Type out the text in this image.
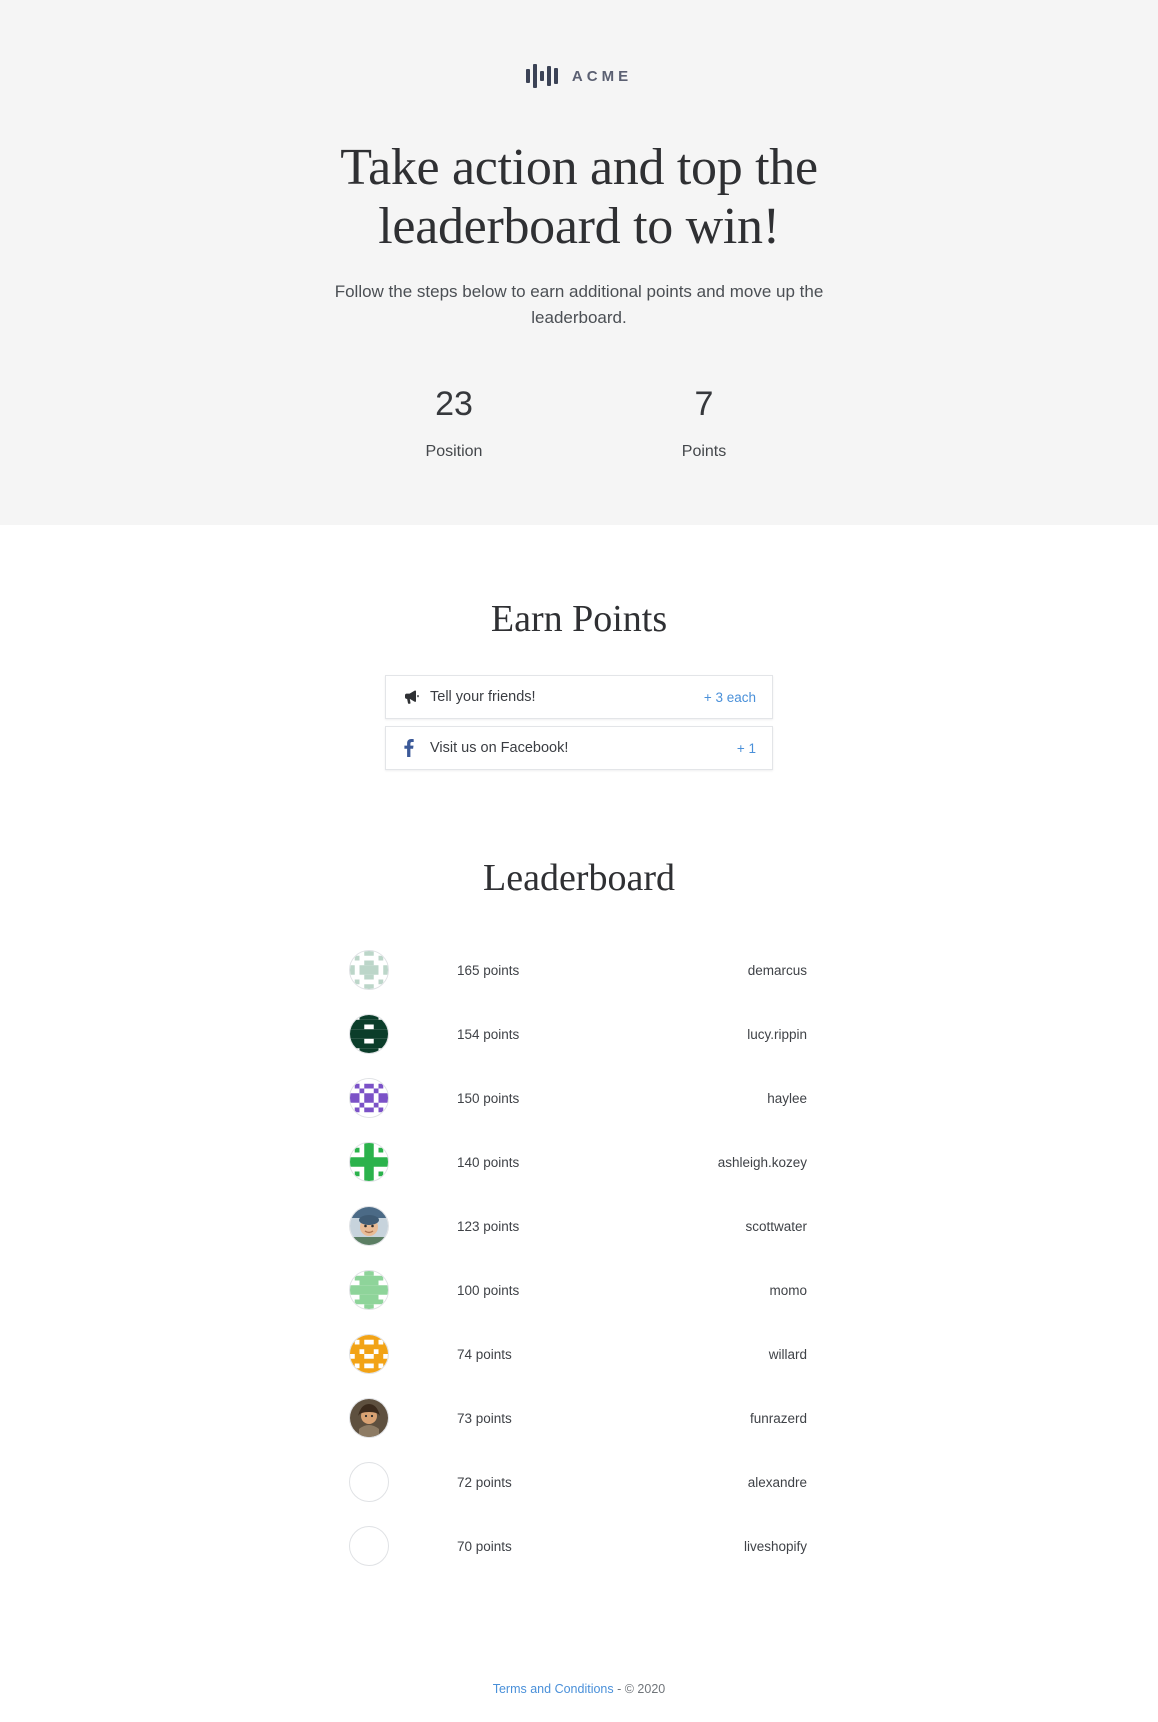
ACME
Take action and top the leaderboard to win!

Follow the steps below to earn additional points and move up the leaderboard.

23
Position
7
Points
Earn Points
Tell your friends!	+ 3 each
Visit us on Facebook!	+ 1
Leaderboard
165 points	demarcus
154 points	lucy.rippin
150 points	haylee
140 points	ashleigh.kozey
123 points	scottwater
100 points	momo
74 points	willard
73 points	funrazerd
72 points	alexandre
70 points	liveshopify
Terms and Conditions - © 2020
